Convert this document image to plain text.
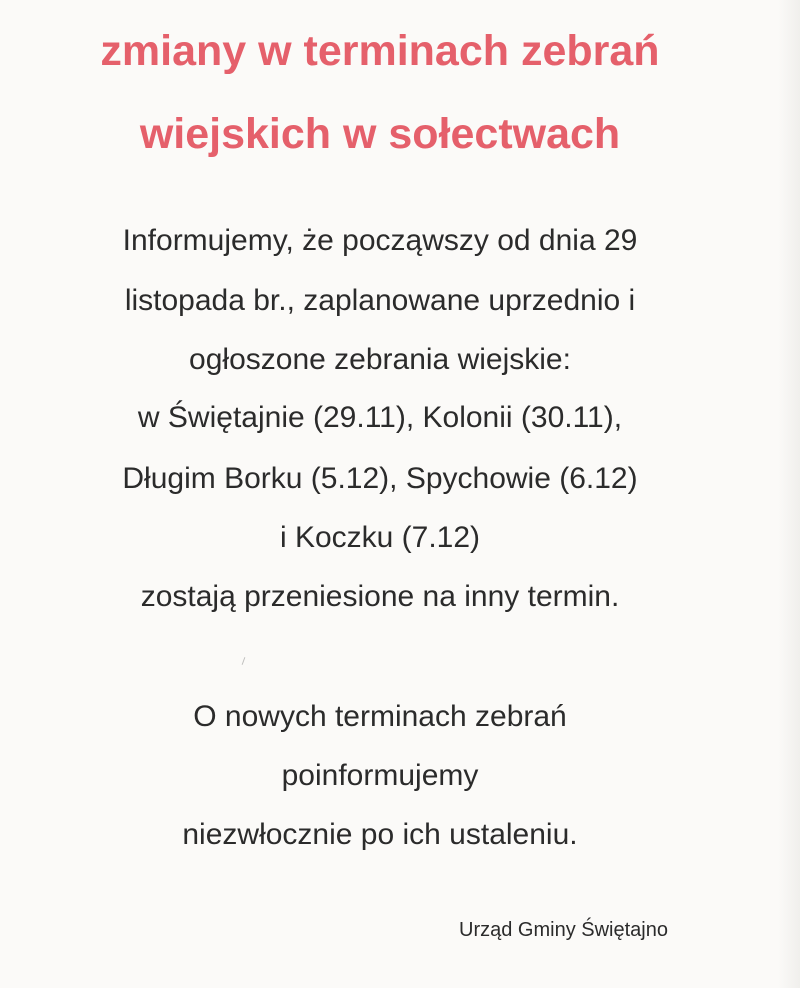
zmiany w terminach zebrań
wiejskich w sołectwach
Informujemy, że począwszy od dnia 29
listopada br., zaplanowane uprzednio i
ogłoszone zebrania wiejskie:
w Świętajnie (29.11), Kolonii (30.11),
Długim Borku (5.12), Spychowie (6.12)
i Koczku (7.12)
zostają przeniesione na inny termin.
O nowych terminach zebrań
poinformujemy
niezwłocznie po ich ustaleniu.
Urząd Gminy Świętajno
